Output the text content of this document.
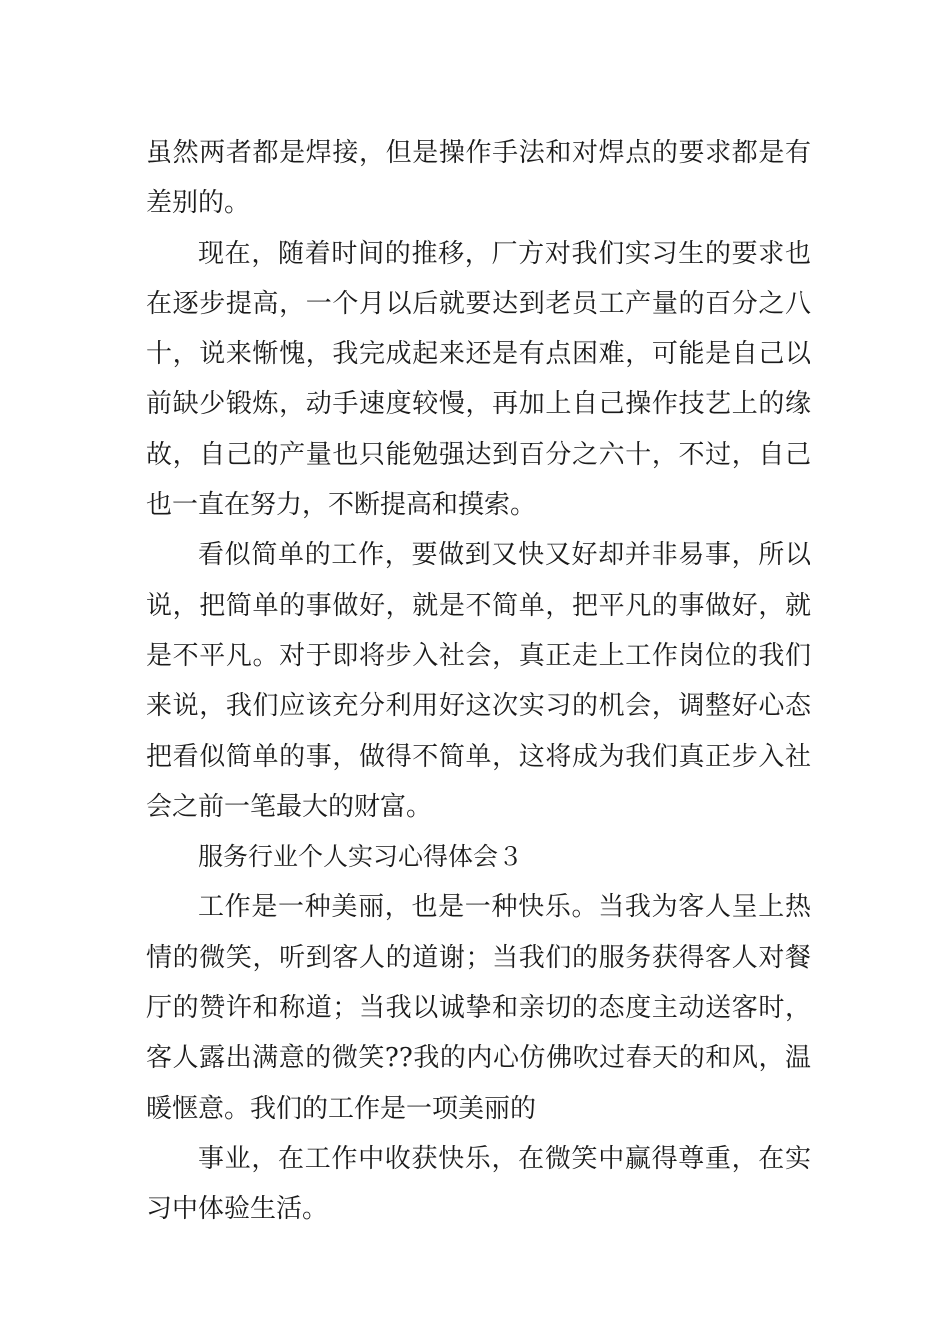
虽然两者都是焊接，但是操作手法和对焊点的要求都是有差别的。

现在，随着时间的推移，厂方对我们实习生的要求也在逐步提高，一个月以后就要达到老员工产量的百分之八十，说来惭愧，我完成起来还是有点困难，可能是自己以前缺少锻炼，动手速度较慢，再加上自己操作技艺上的缘故，自己的产量也只能勉强达到百分之六十，不过，自己也一直在努力，不断提高和摸索。

看似简单的工作，要做到又快又好却并非易事，所以说，把简单的事做好，就是不简单，把平凡的事做好，就是不平凡。对于即将步入社会，真正走上工作岗位的我们来说，我们应该充分利用好这次实习的机会，调整好心态把看似简单的事，做得不简单，这将成为我们真正步入社会之前一笔最大的财富。

服务行业个人实习心得体会３

工作是一种美丽，也是一种快乐。当我为客人呈上热情的微笑，听到客人的道谢；当我们的服务获得客人对餐厅的赞许和称道；当我以诚挚和亲切的态度主动送客时，客人露出满意的微笑??我的内心仿佛吹过春天的和风，温暖惬意。我们的工作是一项美丽的

事业，在工作中收获快乐，在微笑中赢得尊重，在实习中体验生活。
